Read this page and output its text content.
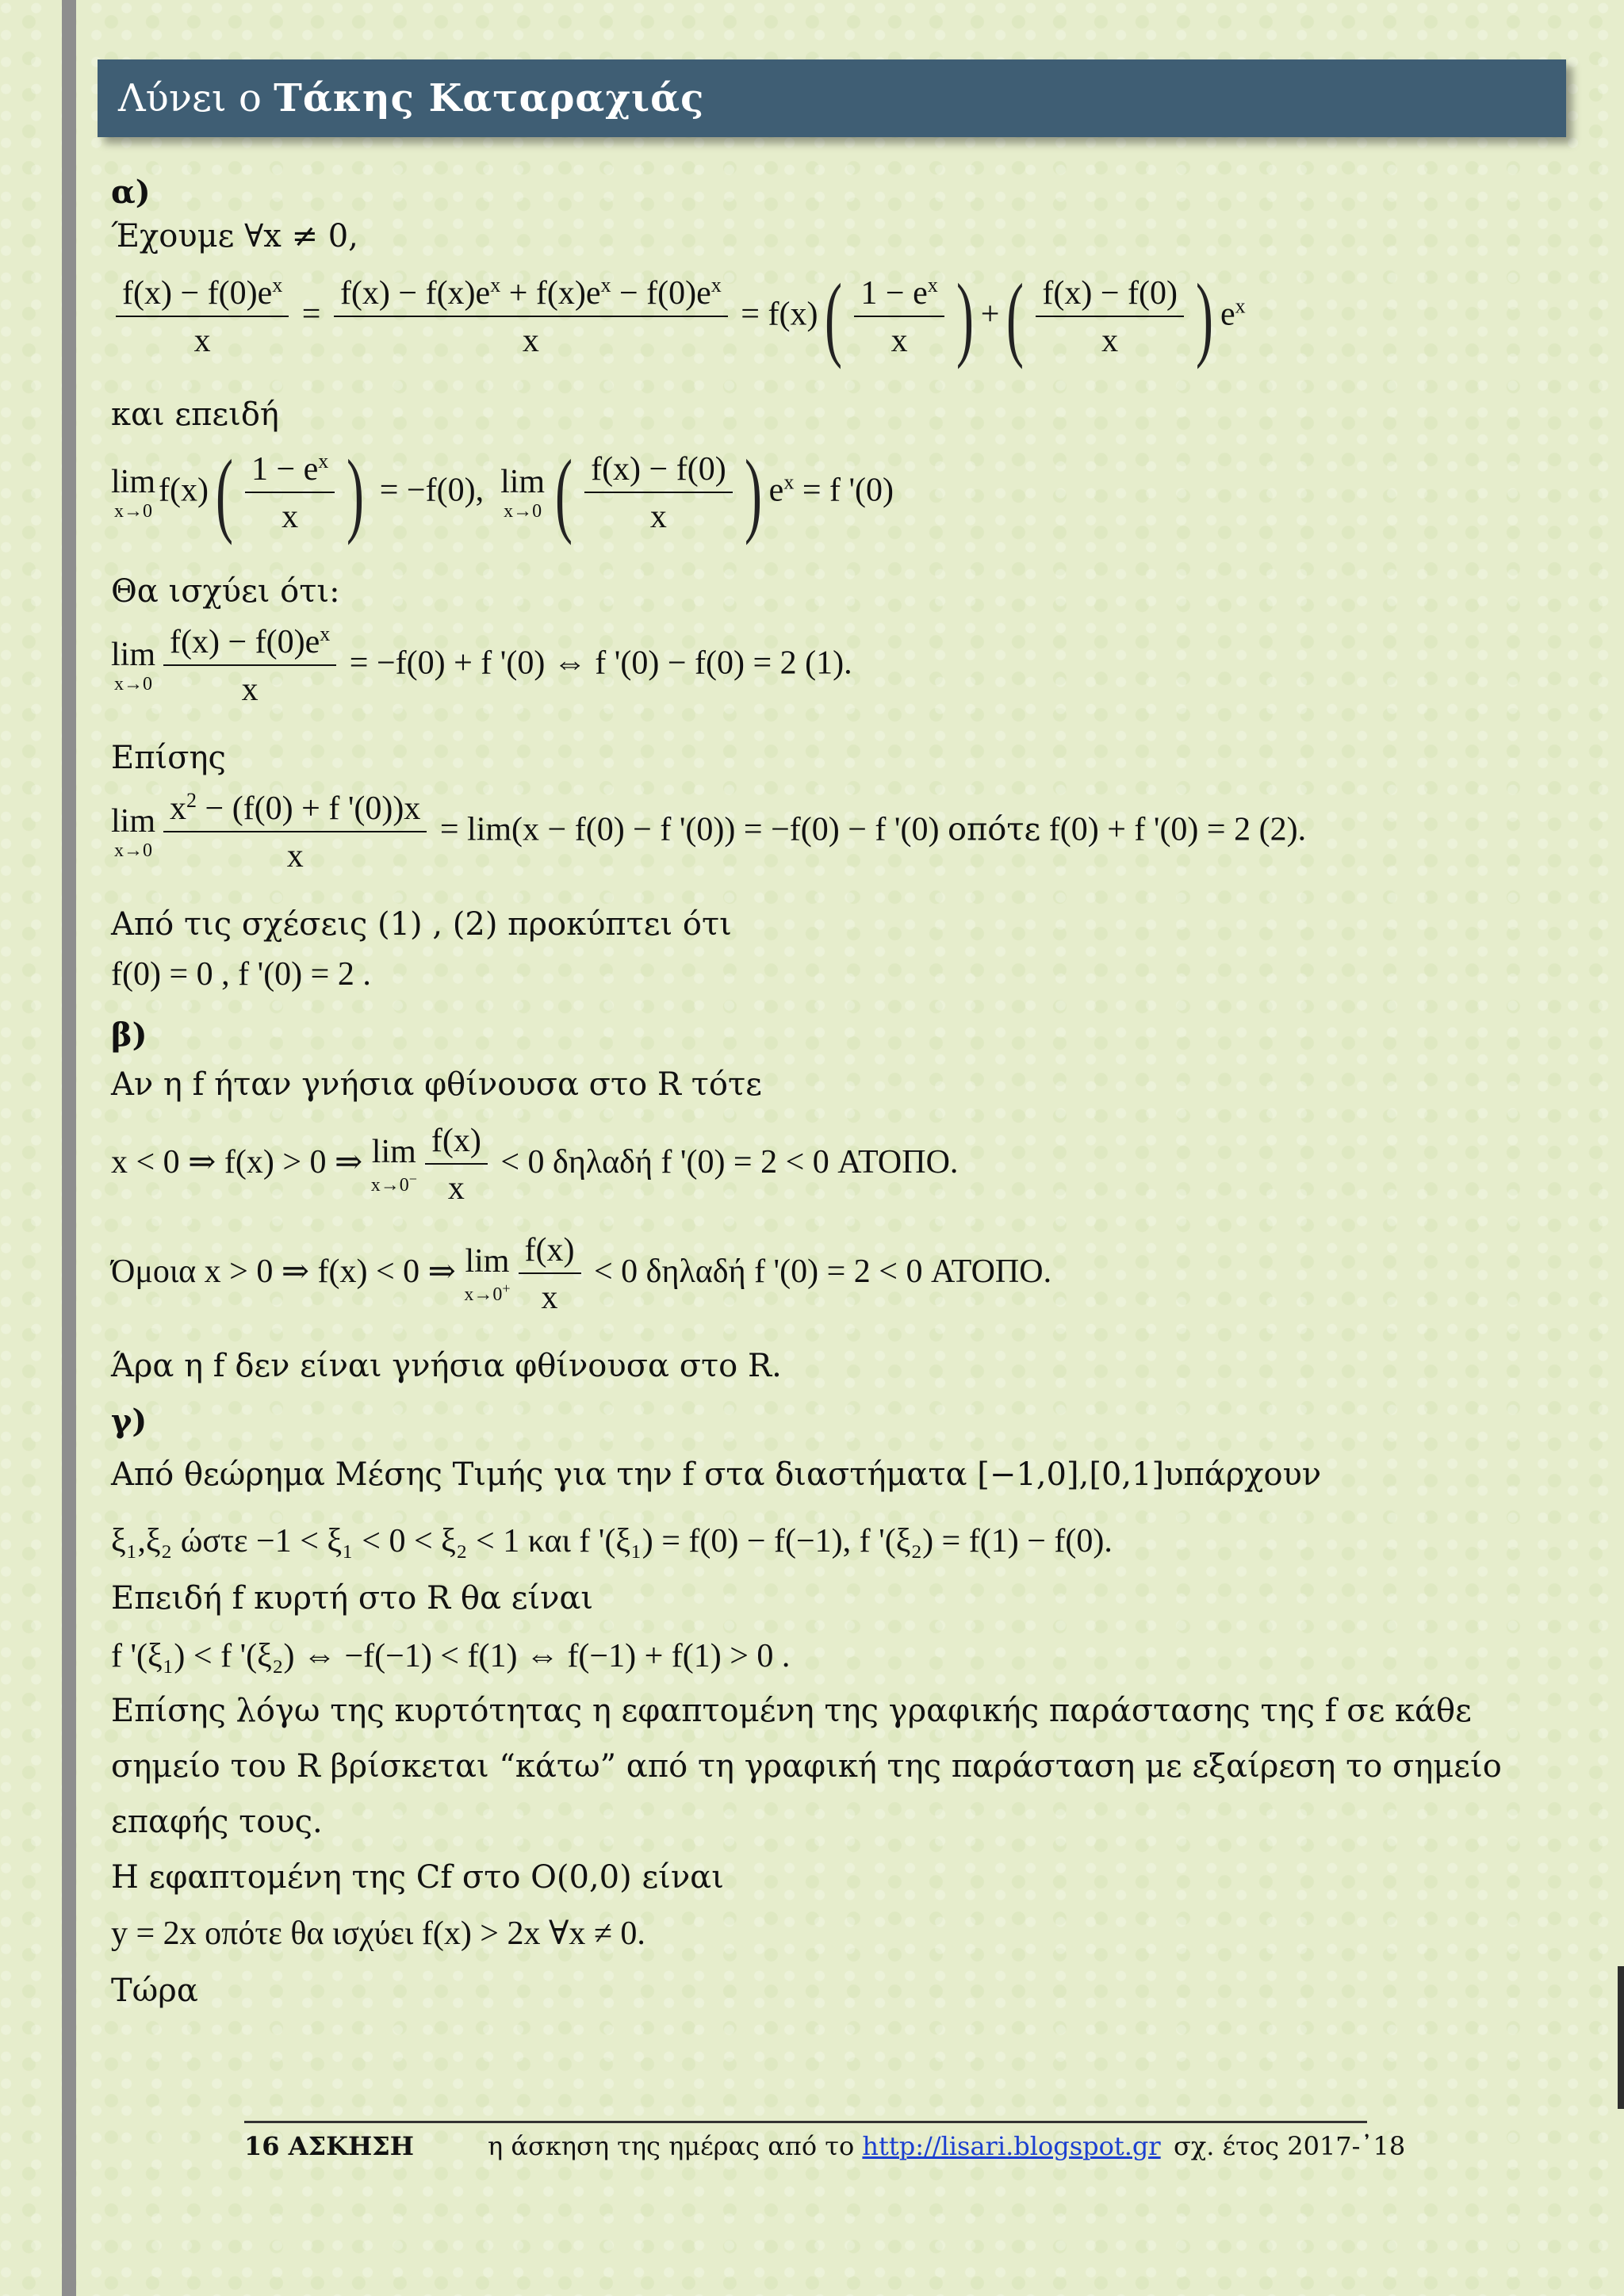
Λύνει ο Τάκης Καταραχιάς
α)
Έχουμε ∀x ≠ 0,
$\frac{f(x) - f(0)e^x}{x} = \frac{f(x) - f(x)e^x + f(x)e^x - f(0)e^x}{x} = f(x)( \frac{1 - e^x}{x}$ ) +( $\frac{f(x) - f(0)}{x}$ ) $e^x$
και επειδή
lim
x→0
$f(x)( \frac{1 - e^x}{x}$ ) = −f(0), lim
x→0 ( $\frac{f(x) - f(0)}{x}$ ) $e^x = f$ '(0)
Θα ισχύει ότι:
lim
$x\to 0 \frac{f(x) - f(0)e^x}{x} = -f(0) + f$ '(0) ⇔ f '(0) − f(0) = 2 (1).
Επίσης
lim
$x\to 0 \frac{x^2 - (f(0) + f '(0))x}{x} = \lim(x - f(0) - f$ '(0)) = −f(0) − f '(0) οπότε f(0) + f '(0) = 2 (2).
Από τις σχέσεις (1) , (2) προκύπτει ότι
f(0) = 0 , f '(0) = 2 .
β)
Αν η f ήταν γνήσια φθίνουσα στο R τότε
x < 0 ⇒ f(x) > 0 ⇒ lim
$x\to 0^- \frac{f(x)}{x} < 0$ δηλαδή f '(0) = 2 < 0 ΑΤΟΠΟ.
Όμοια x > 0 ⇒ f(x) < 0 ⇒ lim
$x\to 0^+ \frac{f(x)}{x} < 0$ δηλαδή f '(0) = 2 < 0 ΑΤΟΠΟ.
Άρα η f δεν είναι γνήσια φθίνουσα στο R.
γ)
Από θεώρημα Μέσης Τιμής για την f στα διαστήματα [−1,0],[0,1]υπάρχουν
ξ₁,ξ₂ ώστε −1 < ξ₁ < 0 < ξ₂ < 1 και f '(ξ₁) = f(0) − f(−1), f '(ξ₂) = f(1) − f(0).
Επειδή f κυρτή στο R θα είναι
f '(ξ₁) < f '(ξ₂) ⇔ −f(−1) < f(1) ⇔ f(−1) + f(1) > 0 .
Επίσης λόγω της κυρτότητας η εφαπτομένη της γραφικής παράστασης της f σε κάθε
σημείο του R βρίσκεται “κάτω” από τη γραφική της παράσταση με εξαίρεση το σημείο
επαφής τους.
Η εφαπτομένη της Cf στο O(0,0) είναι
y = 2x οπότε θα ισχύει f(x) > 2x ∀x ≠ 0.
Τώρα
16 ΑΣΚΗΣΗ	η άσκηση της ημέρας από το http://lisari.blogspot.gr σχ. έτος 2017-᾽18
